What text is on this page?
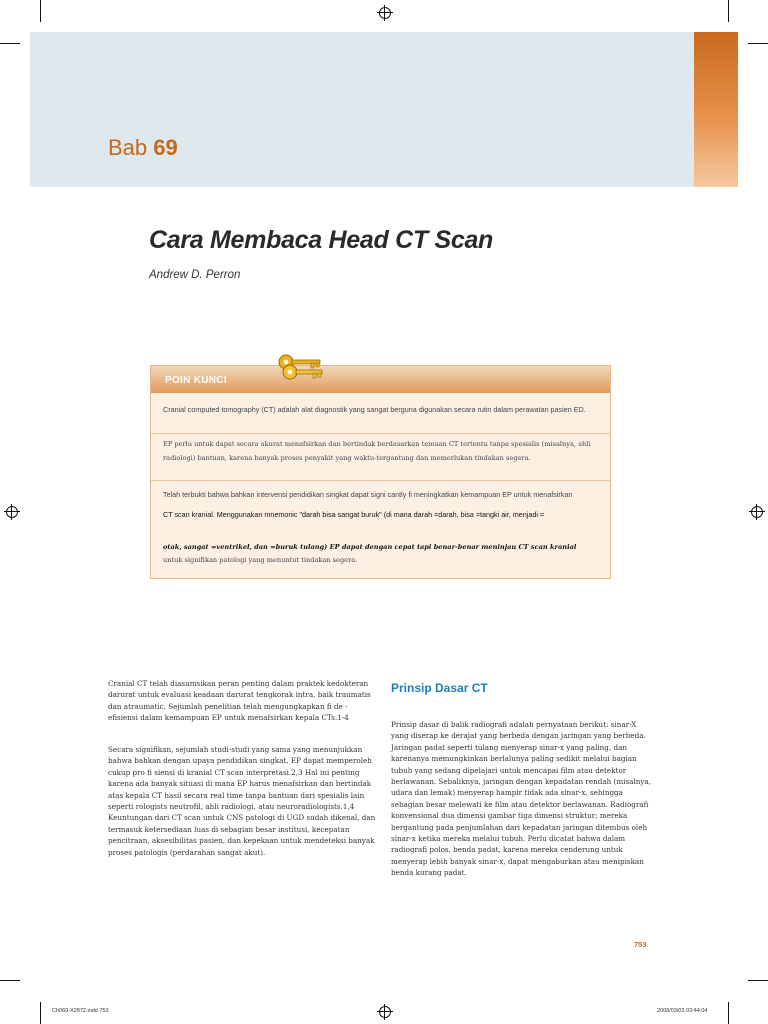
Bab 69
Cara Membaca Head CT Scan
Andrew D. Perron
POIN KUNCI
Cranial computed tomography (CT) adalah alat diagnostik yang sangat berguna digunakan secara rutin dalam perawatan pasien ED.
EP perlu untuk dapat secara akurat menafsirkan dan bertindak berdasarkan temuan CT tertentu tanpa spesialis (misalnya, ahli radiologi) bantuan, karena banyak proses penyakit yang waktu-tergantung dan memerlukan tindakan segera.
Telah terbukti bahwa bahkan intervensi pendidikan singkat dapat signi cantly fi meningkatkan kemampuan EP untuk menafsirkan
CT scan kranial. Menggunakan mnemonic "darah bisa sangat buruk" (di mana darah =darah, bisa =tangki air, menjadi =
otak, sangat =ventrikel, dan =buruk tulang) EP dapat dengan cepat tapi benar-benar meninjau CT scan kranial
untuk signifikan patologi yang menuntut tindakan segera.

Cranial CT telah diasumsikan peran penting dalam praktek kedokteran darurat untuk evaluasi keadaan darurat tengkorak intra, baik traumatis dan atraumatic. Sejumlah penelitian telah mengungkapkan fi de -efisiensi dalam kemampuan EP untuk menafsirkan kepala CTs.1-4

Secara signifikan, sejumlah studi-studi yang sama yang menunjukkan bahwa bahkan dengan upaya pendidikan singkat, EP dapat memperoleh cukup pro fi siensi di kranial CT scan interpretasi.2,3 Hal ini penting karena ada banyak situasi di mana EP harus menafsirkan dan bertindak atas kepala CT hasil secara real time tanpa bantuan dari spesialis lain seperti rologists neutrofil, ahli radiologi, atau neuroradiologists.1,4 Keuntungan dari CT scan untuk CNS patologi di UGD sudah dikenal, dan termasuk ketersediaan luas di sebagian besar institusi, kecepatan pencitraan, aksesibilitas pasien, dan kepekaan untuk mendeteksi banyak proses patologis (perdarahan sangat akut).

Prinsip Dasar CT

Prinsip dasar di balik radiografi adalah pernyataan berikut: sinar-X yang diserap ke derajat yang berbeda dengan jaringan yang berbeda. Jaringan padat seperti tulang menyerap sinar-x yang paling, dan karenanya memungkinkan berlalunya paling sedikit melalui bagian tubuh yang sedang dipelajari untuk mencapai film atau detektor berlawanan. Sebaliknya, jaringan dengan kepadatan rendah (misalnya, udara dan lemak) menyerap hampir tidak ada sinar-x, sehingga sebagian besar melewati ke film atau detektor berlawanan. Radiografi konvensional dua dimensi gambar tiga dimensi struktur; mereka bergantung pada penjumlahan dari kepadatan jaringan ditembus oleh sinar-x ketika mereka melalui tubuh. Perlu dicatat bahwa dalam radiografi polos, benda padat, karena mereka cenderung untuk menyerap lebih banyak sinar-x, dapat mengaburkan atau menipiskan benda kurang padat.

753
Ch069-X2872.indd 753	2008/03/03 03:44:04
